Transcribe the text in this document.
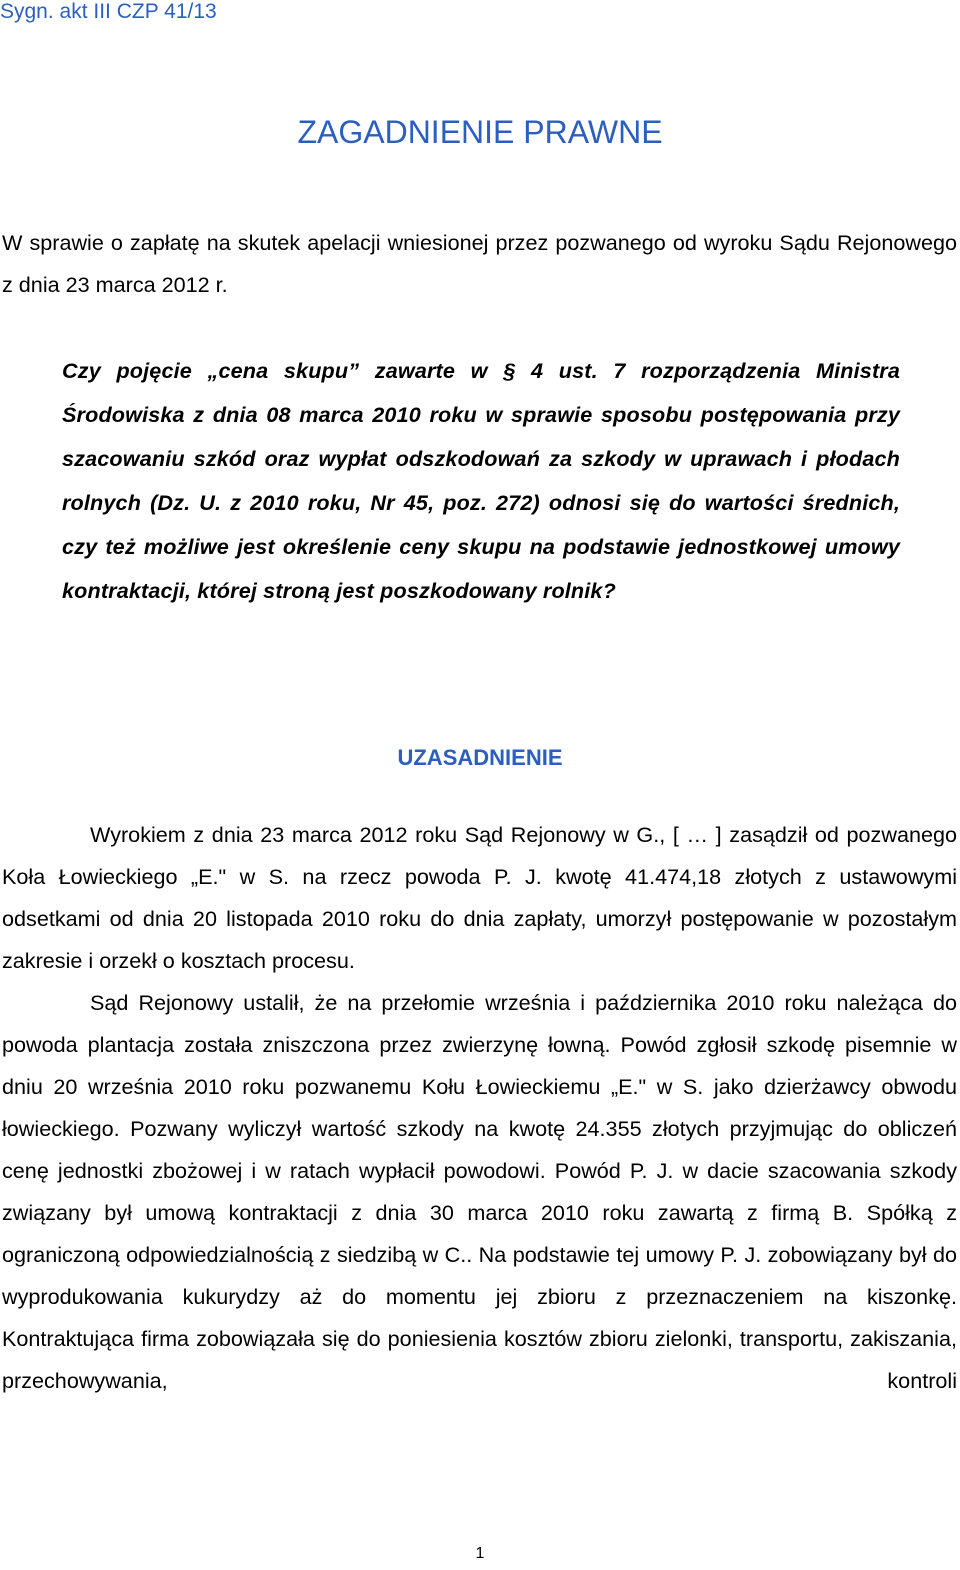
Sygn. akt III CZP 41/13
ZAGADNIENIE PRAWNE
W sprawie o zapłatę na skutek apelacji wniesionej przez pozwanego od wyroku Sądu Rejonowego z dnia 23 marca 2012 r.
Czy pojęcie „cena skupu” zawarte w § 4 ust. 7 rozporządzenia Ministra Środowiska z dnia 08 marca 2010 roku w sprawie sposobu postępowania przy szacowaniu szkód oraz wypłat odszkodowań za szkody w uprawach i płodach rolnych (Dz. U. z 2010 roku, Nr 45, poz. 272) odnosi się do wartości średnich, czy też możliwe jest określenie ceny skupu na podstawie jednostkowej umowy kontraktacji, której stroną jest poszkodowany rolnik?
UZASADNIENIE

Wyrokiem z dnia 23 marca 2012 roku Sąd Rejonowy w G., [ … ] zasądził od pozwanego Koła Łowieckiego „E." w S. na rzecz powoda P. J. kwotę 41.474,18 złotych z ustawowymi odsetkami od dnia 20 listopada 2010 roku do dnia zapłaty, umorzył postępowanie w pozostałym zakresie i orzekł o kosztach procesu.

Sąd Rejonowy ustalił, że na przełomie września i października 2010 roku należąca do powoda plantacja została zniszczona przez zwierzynę łowną. Powód zgłosił szkodę pisemnie w dniu 20 września 2010 roku pozwanemu Kołu Łowieckiemu „E." w S. jako dzierżawcy obwodu łowieckiego. Pozwany wyliczył wartość szkody na kwotę 24.355 złotych przyjmując do obliczeń cenę jednostki zbożowej i w ratach wypłacił powodowi. Powód P. J. w dacie szacowania szkody związany był umową kontraktacji z dnia 30 marca 2010 roku zawartą z firmą B. Spółką z ograniczoną odpowiedzialnością z siedzibą w C.. Na podstawie tej umowy P. J. zobowiązany był do wyprodukowania kukurydzy aż do momentu jej zbioru z przeznaczeniem na kiszonkę. Kontraktująca firma zobowiązała się do poniesienia kosztów zbioru zielonki, transportu, zakiszania, przechowywania, kontroli

1
